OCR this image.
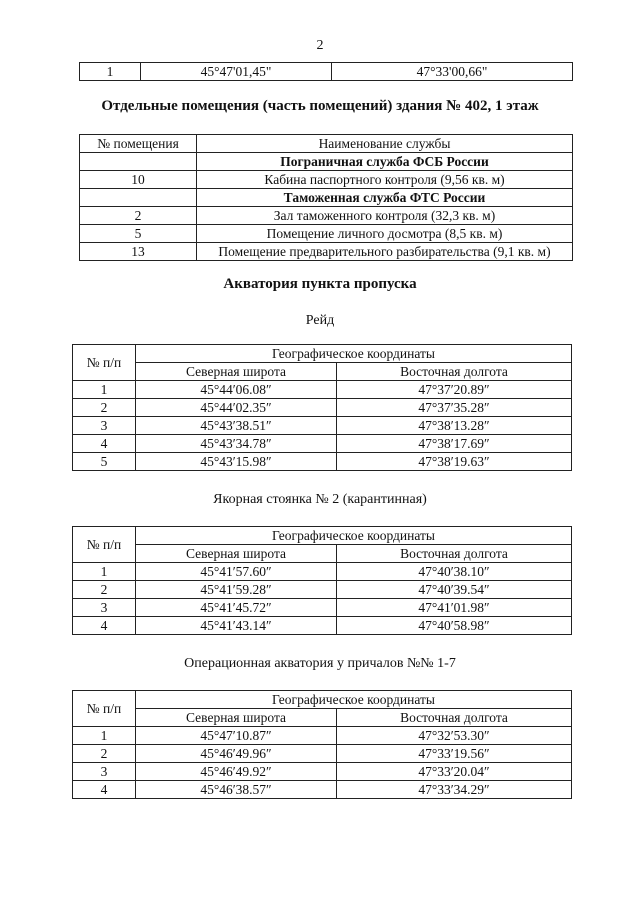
2
1	45°47'01,45"	47°33'00,66"
Отдельные помещения (часть помещений) здания № 402, 1 этаж
№ помещения	Наименование службы
	Пограничная служба ФСБ России
10	Кабина паспортного контроля (9,56 кв. м)
	Таможенная служба ФТС России
2	Зал таможенного контроля (32,3 кв. м)
5	Помещение личного досмотра (8,5 кв. м)
13	Помещение предварительного разбирательства (9,1 кв. м)
Акватория пункта пропуска
Рейд
№ п/п	Географическое координаты	
	Северная широта	Восточная долгота
1	45°44′06.08″	47°37′20.89″
2	45°44′02.35″	47°37′35.28″
3	45°43′38.51″	47°38′13.28″
4	45°43′34.78″	47°38′17.69″
5	45°43′15.98″	47°38′19.63″
Якорная стоянка № 2 (карантинная)
№ п/п	Географическое координаты	
	Северная широта	Восточная долгота
1	45°41′57.60″	47°40′38.10″
2	45°41′59.28″	47°40′39.54″
3	45°41′45.72″	47°41′01.98″
4	45°41′43.14″	47°40′58.98″
Операционная акватория у причалов №№ 1-7
№ п/п	Географическое координаты	
	Северная широта	Восточная долгота
1	45°47′10.87″	47°32′53.30″
2	45°46′49.96″	47°33′19.56″
3	45°46′49.92″	47°33′20.04″
4	45°46′38.57″	47°33′34.29″
